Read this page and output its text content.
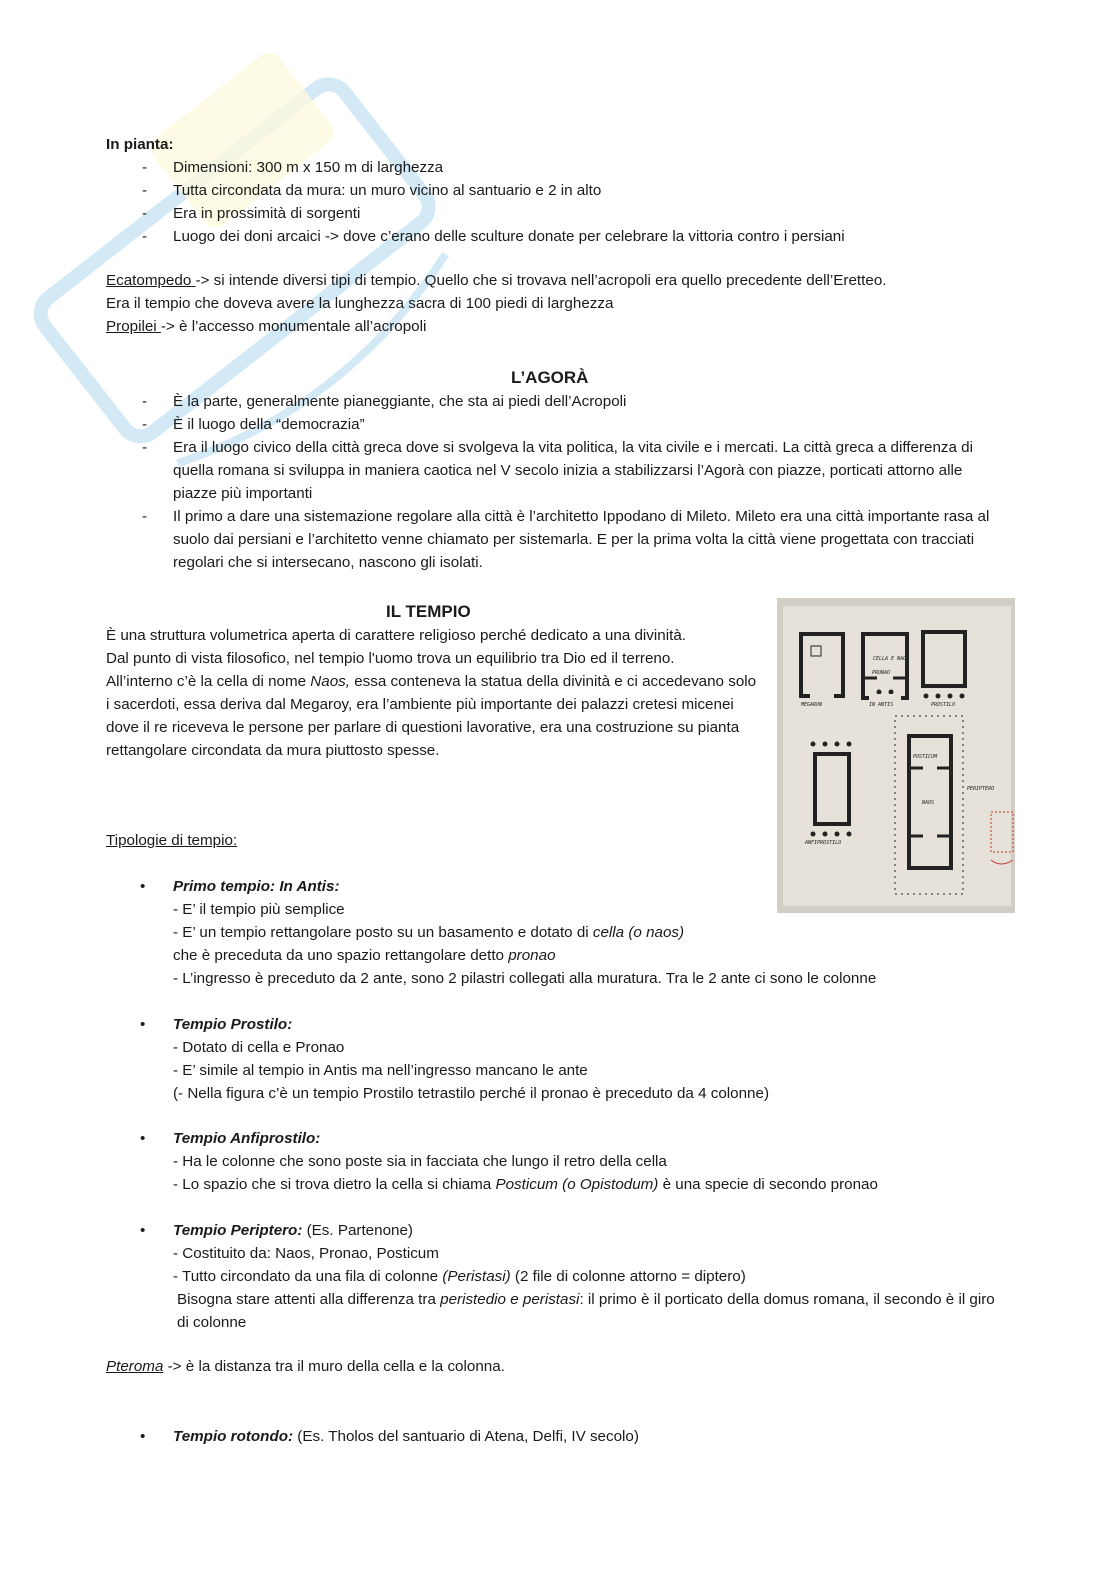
In pianta:
- Dimensioni: 300 m x 150 m di larghezza
- Tutta circondata da mura: un muro vicino al santuario e 2 in alto
- Era in prossimità di sorgenti
- Luogo dei doni arcaici -> dove c’erano delle sculture donate per celebrare la vittoria contro i persiani
Ecatompedo -> si intende diversi tipi di tempio. Quello che si trovava nell’acropoli era quello precedente dell’Eretteo.
Era il tempio che doveva avere la lunghezza sacra di 100 piedi di larghezza
Propilei -> è l’accesso monumentale all’acropoli
L’AGORÀ
- È la parte, generalmente pianeggiante, che sta ai piedi dell’Acropoli
- È il luogo della “democrazia”
- Era il luogo civico della città greca dove si svolgeva la vita politica, la vita civile e i mercati. La città greca a differenza di quella romana si sviluppa in maniera caotica nel V secolo inizia a stabilizzarsi l’Agorà con piazze, porticati attorno alle piazze più importanti
- Il primo a dare una sistemazione regolare alla città è l’architetto Ippodano di Mileto. Mileto era una città importante rasa al suolo dai persiani e l’architetto venne chiamato per sistemarla. E per la prima volta la città viene progettata con tracciati regolari che si intersecano, nascono gli isolati.
IL TEMPIO
È una struttura volumetrica aperta di carattere religioso perché dedicato a una divinità.
Dal punto di vista filosofico, nel tempio l'uomo trova un equilibrio tra Dio ed il terreno.
All’interno c’è la cella di nome Naos, essa conteneva la statua della divinità e ci accedevano solo i sacerdoti, essa deriva dal Megaroy, era l’ambiente più importante dei palazzi cretesi micenei dove il re riceveva le persone per parlare di questioni lavorative, era una costruzione su pianta rettangolare circondata da mura piuttosto spesse.
Tipologie di tempio:
MEGARON	IN ANTIS	PROSTILO
ANFIPROSTILO
PERIPTERO
CELLA E NAOS
PRONAO
POSTICUM
NAOS
• Primo tempio: In Antis:
- E’ il tempio più semplice
- E’ un tempio rettangolare posto su un basamento e dotato di cella (o naos)
che è preceduta da uno spazio rettangolare detto pronao
- L’ingresso è preceduto da 2 ante, sono 2 pilastri collegati alla muratura. Tra le 2 ante ci sono le colonne
• Tempio Prostilo:
- Dotato di cella e Pronao
- E’ simile al tempio in Antis ma nell’ingresso mancano le ante
(- Nella figura c’è un tempio Prostilo tetrastilo perché il pronao è preceduto da 4 colonne)
• Tempio Anfiprostilo:
- Ha le colonne che sono poste sia in facciata che lungo il retro della cella
- Lo spazio che si trova dietro la cella si chiama Posticum (o Opistodum) è una specie di secondo pronao
• Tempio Periptero: (Es. Partenone)
- Costituito da: Naos, Pronao, Posticum
- Tutto circondato da una fila di colonne (Peristasi) (2 file di colonne attorno = diptero)
Bisogna stare attenti alla differenza tra peristedio e peristasi: il primo è il porticato della domus romana, il secondo è il giro di colonne
Pteroma -> è la distanza tra il muro della cella e la colonna.
• Tempio rotondo: (Es. Tholos del santuario di Atena, Delfi, IV secolo)
